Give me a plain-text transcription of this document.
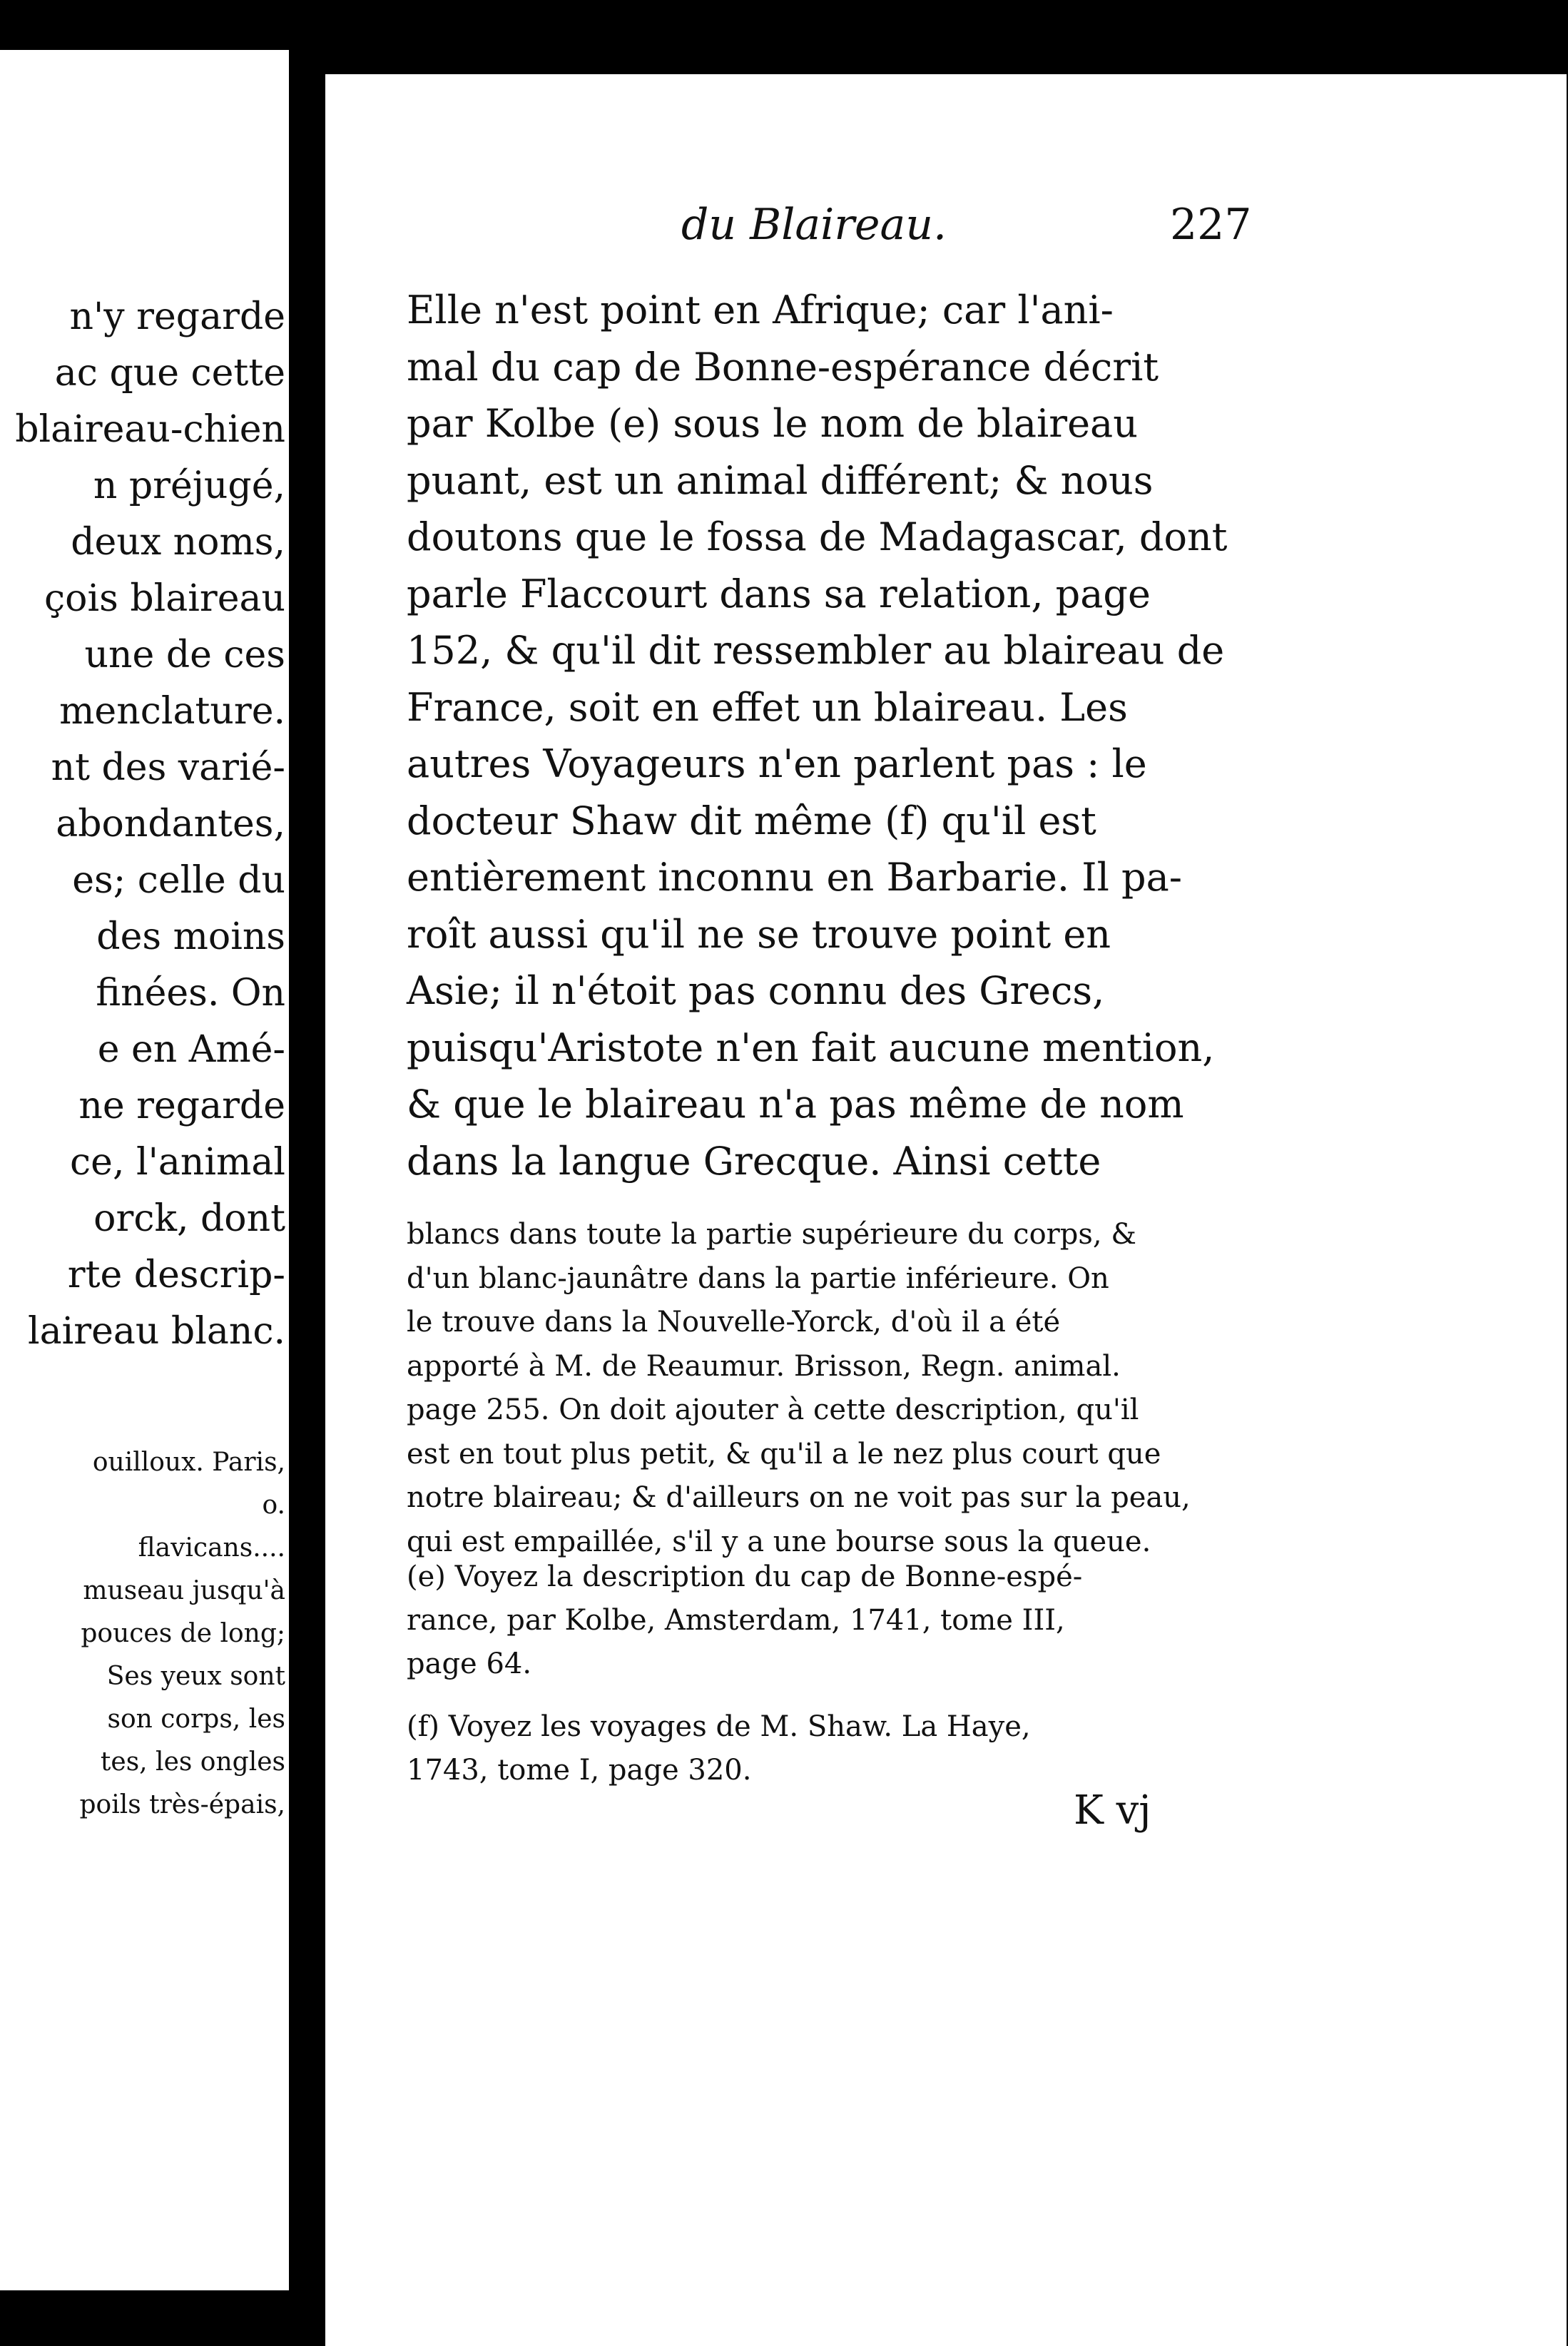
n'y regarde
ac que cette
blaireau-chien
n préjugé,
deux noms,
çois blaireau
une de ces
menclature.
nt des varié-
abondantes,
es; celle du
des moins
finées. On
e en Amé-
ne regarde
ce, l'animal
orck, dont
rte descrip-
laireau blanc.
ouilloux. Paris,
o.
flavicans....
museau jusqu'à
pouces de long;
Ses yeux sont
son corps, les
tes, les ongles
poils très-épais,
du Blaireau.	227
Elle n'est point en Afrique; car l'ani-
mal du cap de Bonne-espérance décrit
par Kolbe (e) sous le nom de blaireau
puant, est un animal différent; & nous
doutons que le fossa de Madagascar, dont
parle Flaccourt dans sa relation, page
152, & qu'il dit ressembler au blaireau de
France, soit en effet un blaireau. Les
autres Voyageurs n'en parlent pas : le
docteur Shaw dit même (f) qu'il est
entièrement inconnu en Barbarie. Il pa-
roît aussi qu'il ne se trouve point en
Asie; il n'étoit pas connu des Grecs,
puisqu'Aristote n'en fait aucune mention,
& que le blaireau n'a pas même de nom
dans la langue Grecque. Ainsi cette
blancs dans toute la partie supérieure du corps, &
d'un blanc-jaunâtre dans la partie inférieure. On
le trouve dans la Nouvelle-Yorck, d'où il a été
apporté à M. de Reaumur. Brisson, Regn. animal.
page 255. On doit ajouter à cette description, qu'il
est en tout plus petit, & qu'il a le nez plus court que
notre blaireau; & d'ailleurs on ne voit pas sur la peau,
qui est empaillée, s'il y a une bourse sous la queue.
(e) Voyez la description du cap de Bonne-espé-
rance, par Kolbe, Amsterdam, 1741, tome III,
page 64.
(f) Voyez les voyages de M. Shaw. La Haye,
1743, tome I, page 320.
K vj
